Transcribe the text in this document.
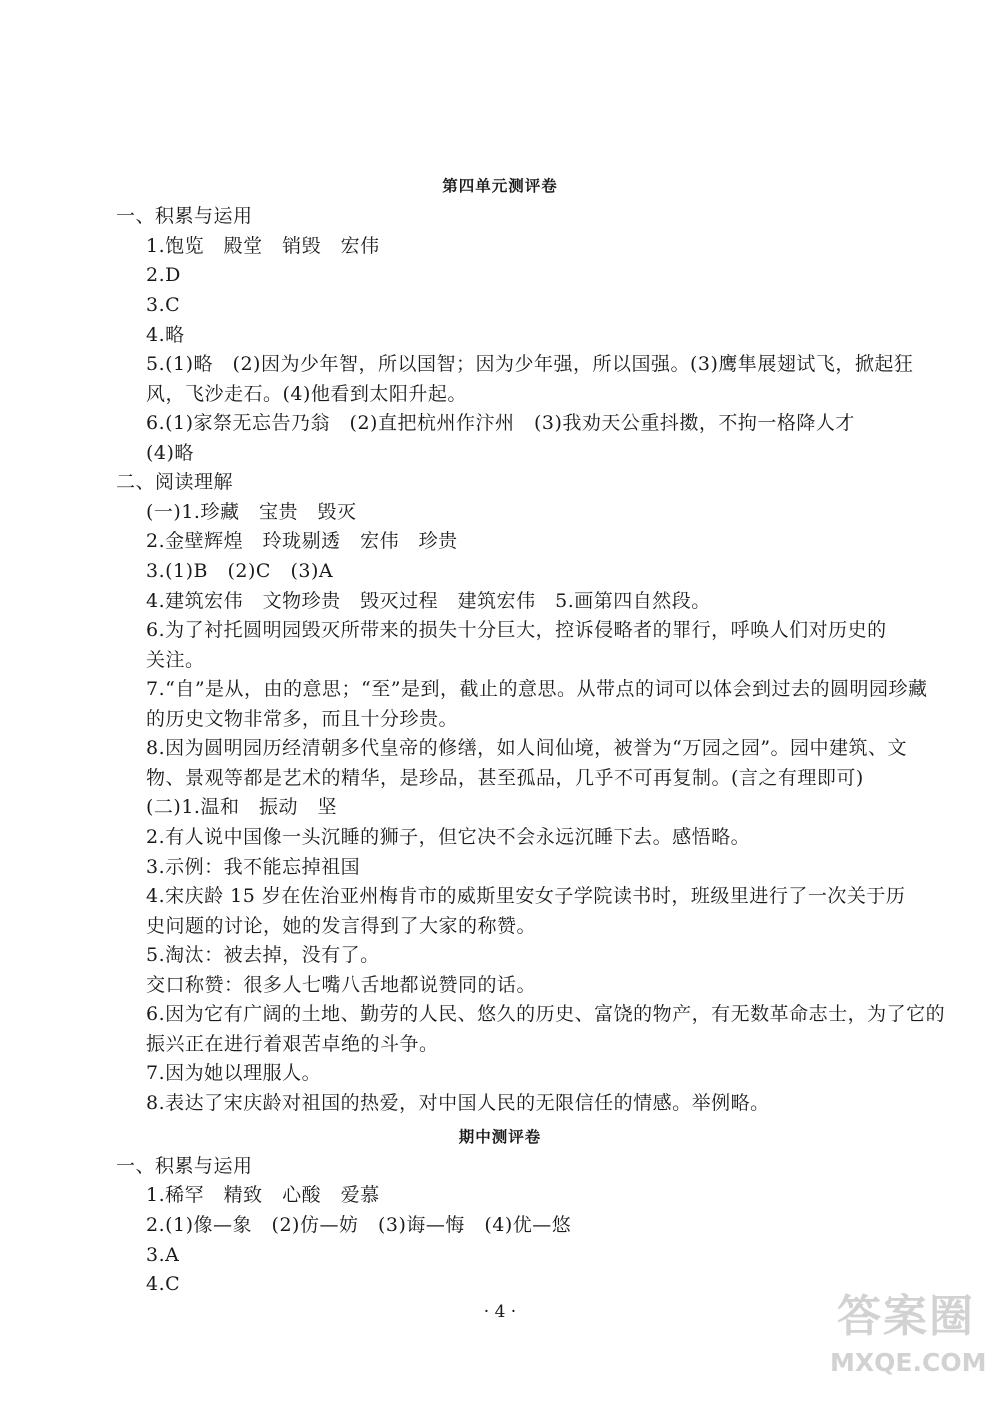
第四单元测评卷
一、积累与运用
1.饱览　殿堂　销毁　宏伟
2.D
3.C
4.略
5.(1)略　(2)因为少年智，所以国智；因为少年强，所以国强。(3)鹰隼展翅试飞，掀起狂
风，飞沙走石。(4)他看到太阳升起。
6.(1)家祭无忘告乃翁　(2)直把杭州作汴州　(3)我劝天公重抖擞，不拘一格降人才
(4)略
二、阅读理解
(一)1.珍藏　宝贵　毁灭
2.金壁辉煌　玲珑剔透　宏伟　珍贵
3.(1)B　(2)C　(3)A
4.建筑宏伟　文物珍贵　毁灭过程　建筑宏伟　5.画第四自然段。
6.为了衬托圆明园毁灭所带来的损失十分巨大，控诉侵略者的罪行，呼唤人们对历史的
关注。
7.“自”是从，由的意思；“至”是到，截止的意思。从带点的词可以体会到过去的圆明园珍藏
的历史文物非常多，而且十分珍贵。
8.因为圆明园历经清朝多代皇帝的修缮，如人间仙境，被誉为“万园之园”。园中建筑、文
物、景观等都是艺术的精华，是珍品，甚至孤品，几乎不可再复制。(言之有理即可)
(二)1.温和　振动　坚
2.有人说中国像一头沉睡的狮子，但它决不会永远沉睡下去。感悟略。
3.示例：我不能忘掉祖国
4.宋庆龄 15 岁在佐治亚州梅肯市的威斯里安女子学院读书时，班级里进行了一次关于历
史问题的讨论，她的发言得到了大家的称赞。
5.淘汰：被去掉，没有了。
交口称赞：很多人七嘴八舌地都说赞同的话。
6.因为它有广阔的土地、勤劳的人民、悠久的历史、富饶的物产，有无数革命志士，为了它的
振兴正在进行着艰苦卓绝的斗争。
7.因为她以理服人。
8.表达了宋庆龄对祖国的热爱，对中国人民的无限信任的情感。举例略。
期中测评卷
一、积累与运用
1.稀罕　精致　心酸　爱慕
2.(1)像—象　(2)仿—妨　(3)诲—悔　(4)优—悠
3.A
4.C
· 4 ·	答案圈
MXQE.COM
